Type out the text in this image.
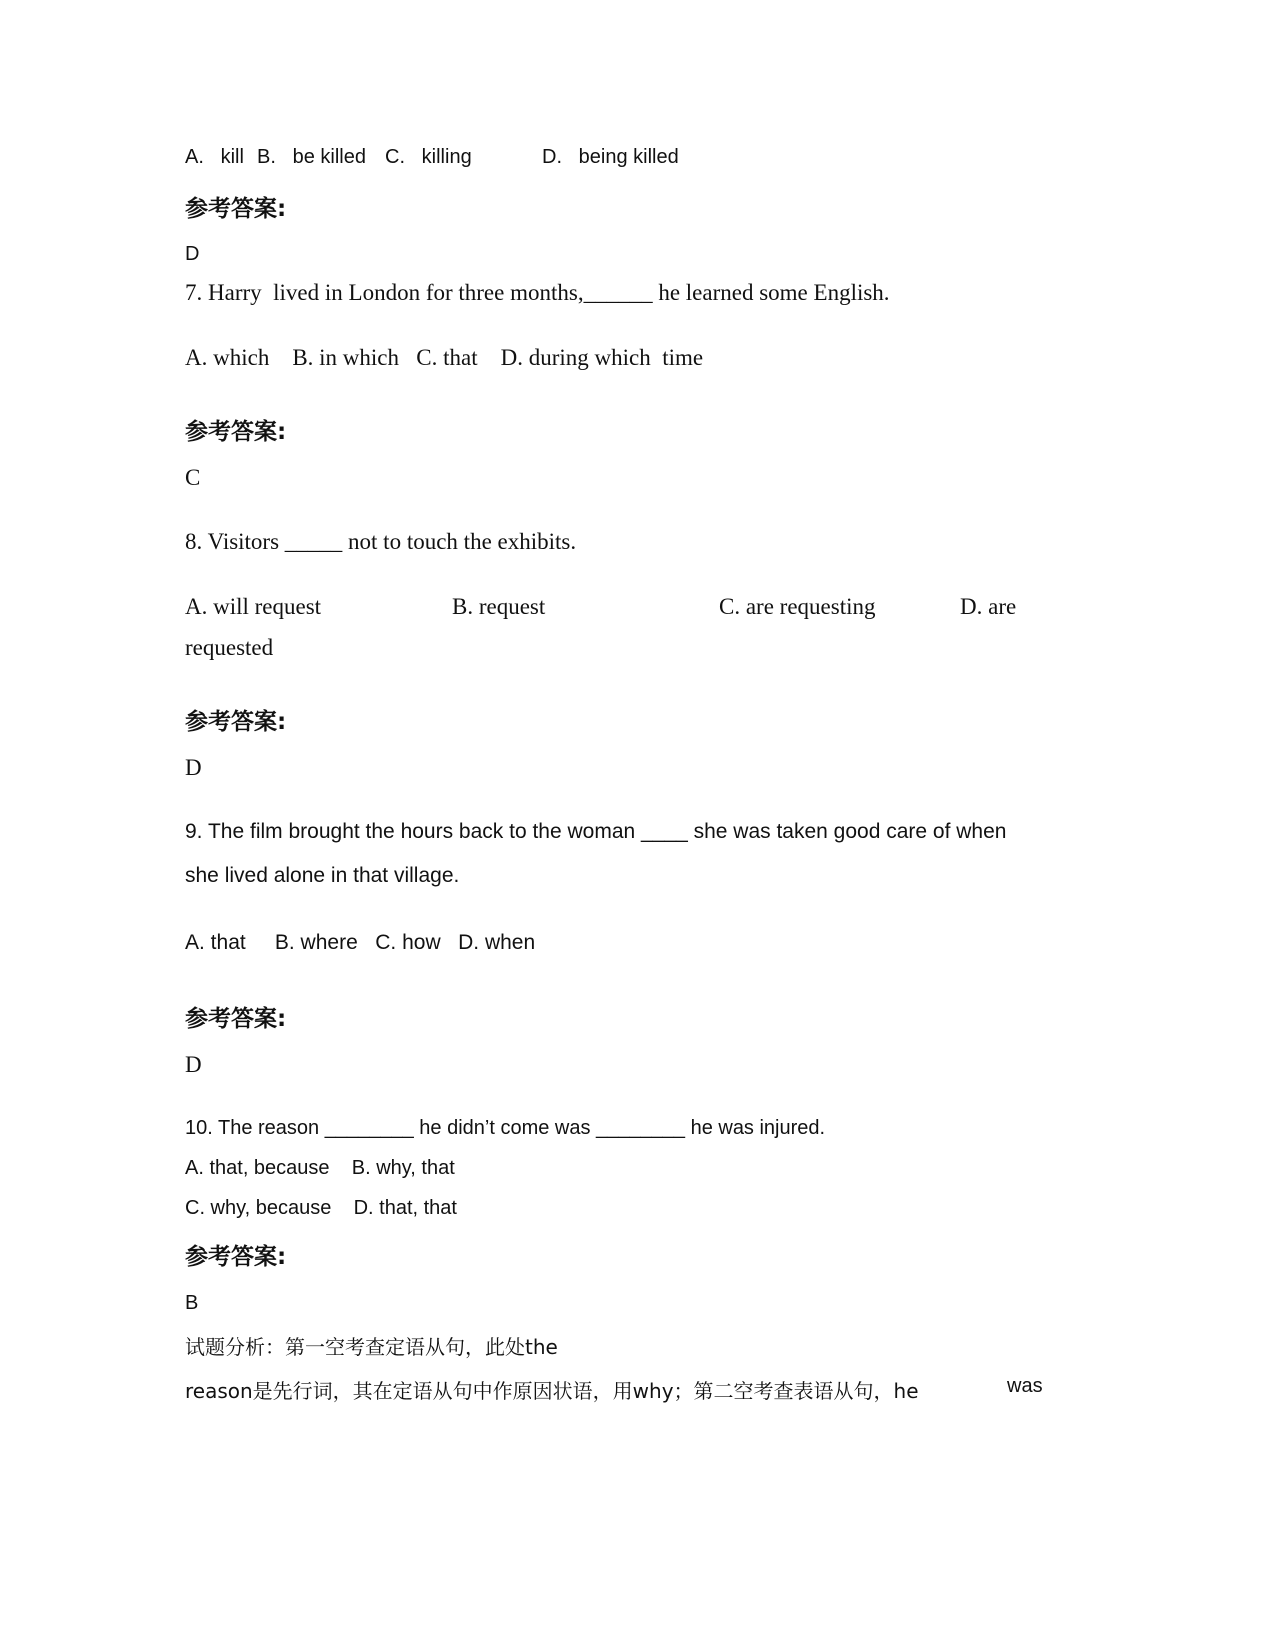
A.   kill B.   be killed C.   killing	D.   being killed
参考答案:
D
7. Harry  lived in London for three months,______ he learned some English.
A. which    B. in which   C. that    D. during which  time
参考答案:
C
8. Visitors _____ not to touch the exhibits.
A. will request	B. request	C. are requesting	D. are
requested
参考答案:
D
9. The film brought the hours back to the woman ____ she was taken good care of when
she lived alone in that village.
A. that     B. where   C. how   D. when
参考答案:
D
10. The reason ________ he didn’t come was ________ he was injured.
A. that, because    B. why, that
C. why, because    D. that, that
参考答案:
B
试题分析：第一空考查定语从句，此处the
reason是先行词，其在定语从句中作原因状语，用why；第二空考查表语从句，he	was
